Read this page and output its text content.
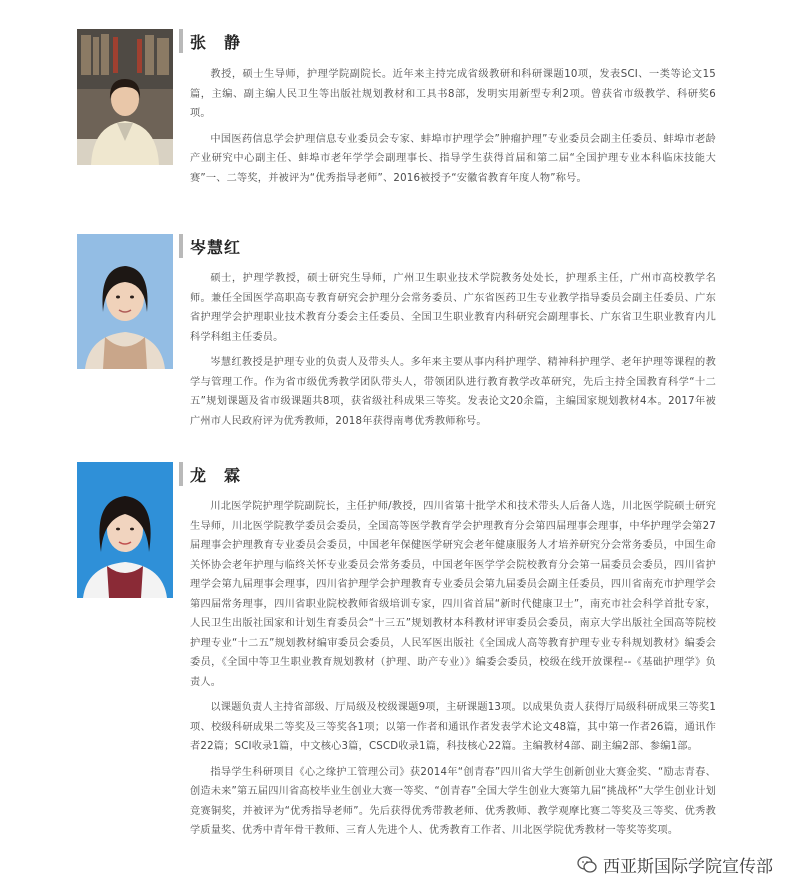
张　静

教授，硕士生导师，护理学院副院长。近年来主持完成省级教研和科研课题10项，发表SCI、一类等论文15篇，主编、副主编人民卫生等出版社规划教材和工具书8部，发明实用新型专利2项。曾获省市级教学、科研奖6项。

中国医药信息学会护理信息专业委员会专家、蚌埠市护理学会”肿瘤护理”专业委员会副主任委员、蚌埠市老龄产业研究中心副主任、蚌埠市老年学学会副理事长、指导学生获得首届和第二届“全国护理专业本科临床技能大赛”一、二等奖，并被评为“优秀指导老师”、2016被授予“安徽省教育年度人物”称号。

岑慧红

硕士，护理学教授，硕士研究生导师，广州卫生职业技术学院教务处处长，护理系主任，广州市高校教学名师。兼任全国医学高职高专教育研究会护理分会常务委员、广东省医药卫生专业教学指导委员会副主任委员、广东省护理学会护理职业技术教育分委会主任委员、全国卫生职业教育内科研究会副理事长、广东省卫生职业教育内儿科学科组主任委员。

岑慧红教授是护理专业的负责人及带头人。多年来主要从事内科护理学、精神科护理学、老年护理等课程的教学与管理工作。作为省市级优秀教学团队带头人，带领团队进行教育教学改革研究，先后主持全国教育科学“十二五”规划课题及省市级课题共8项，获省级社科成果三等奖。发表论文20余篇，主编国家规划教材4本。2017年被广州市人民政府评为优秀教师，2018年获得南粤优秀教师称号。

龙　霖

川北医学院护理学院副院长，主任护师/教授，四川省第十批学术和技术带头人后备人选，川北医学院硕士研究生导师，川北医学院教学委员会委员，全国高等医学教育学会护理教育分会第四届理事会理事，中华护理学会第27届理事会护理教育专业委员会委员，中国老年保健医学研究会老年健康服务人才培养研究分会常务委员，中国生命关怀协会老年护理与临终关怀专业委员会常务委员，中国老年医学学会院校教育分会第一届委员会委员，四川省护理学会第九届理事会理事，四川省护理学会护理教育专业委员会第九届委员会副主任委员，四川省南充市护理学会第四届常务理事，四川省职业院校教师省级培训专家，四川省首届“新时代健康卫士”，南充市社会科学首批专家，人民卫生出版社国家和计划生育委员会“十三五”规划教材本科教材评审委员会委员，南京大学出版社全国高等院校护理专业“十二五”规划教材编审委员会委员，人民军医出版社《全国成人高等教育护理专业专科规划教材》编委会委员，《全国中等卫生职业教育规划教材（护理、助产专业）》编委会委员，校级在线开放课程--《基础护理学》负责人。

以课题负责人主持省部级、厅局级及校级课题9项，主研课题13项。以成果负责人获得厅局级科研成果三等奖1项、校级科研成果二等奖及三等奖各1项；以第一作者和通讯作者发表学术论文48篇，其中第一作者26篇，通讯作者22篇；SCI收录1篇，中文核心3篇，CSCD收录1篇，科技核心22篇。主编教材4部、副主编2部、参编1部。

指导学生科研项目《心之缘护工管理公司》获2014年“创青春”四川省大学生创新创业大赛金奖、“励志青春、创造未来”第五届四川省高校毕业生创业大赛一等奖、“创青春”全国大学生创业大赛第九届“挑战杯”大学生创业计划竞赛铜奖，并被评为“优秀指导老师”。先后获得优秀带教老师、优秀教师、教学观摩比赛二等奖及三等奖、优秀教学质量奖、优秀中青年骨干教师、三育人先进个人、优秀教育工作者、川北医学院优秀教材一等奖等奖项。

西亚斯国际学院宣传部
